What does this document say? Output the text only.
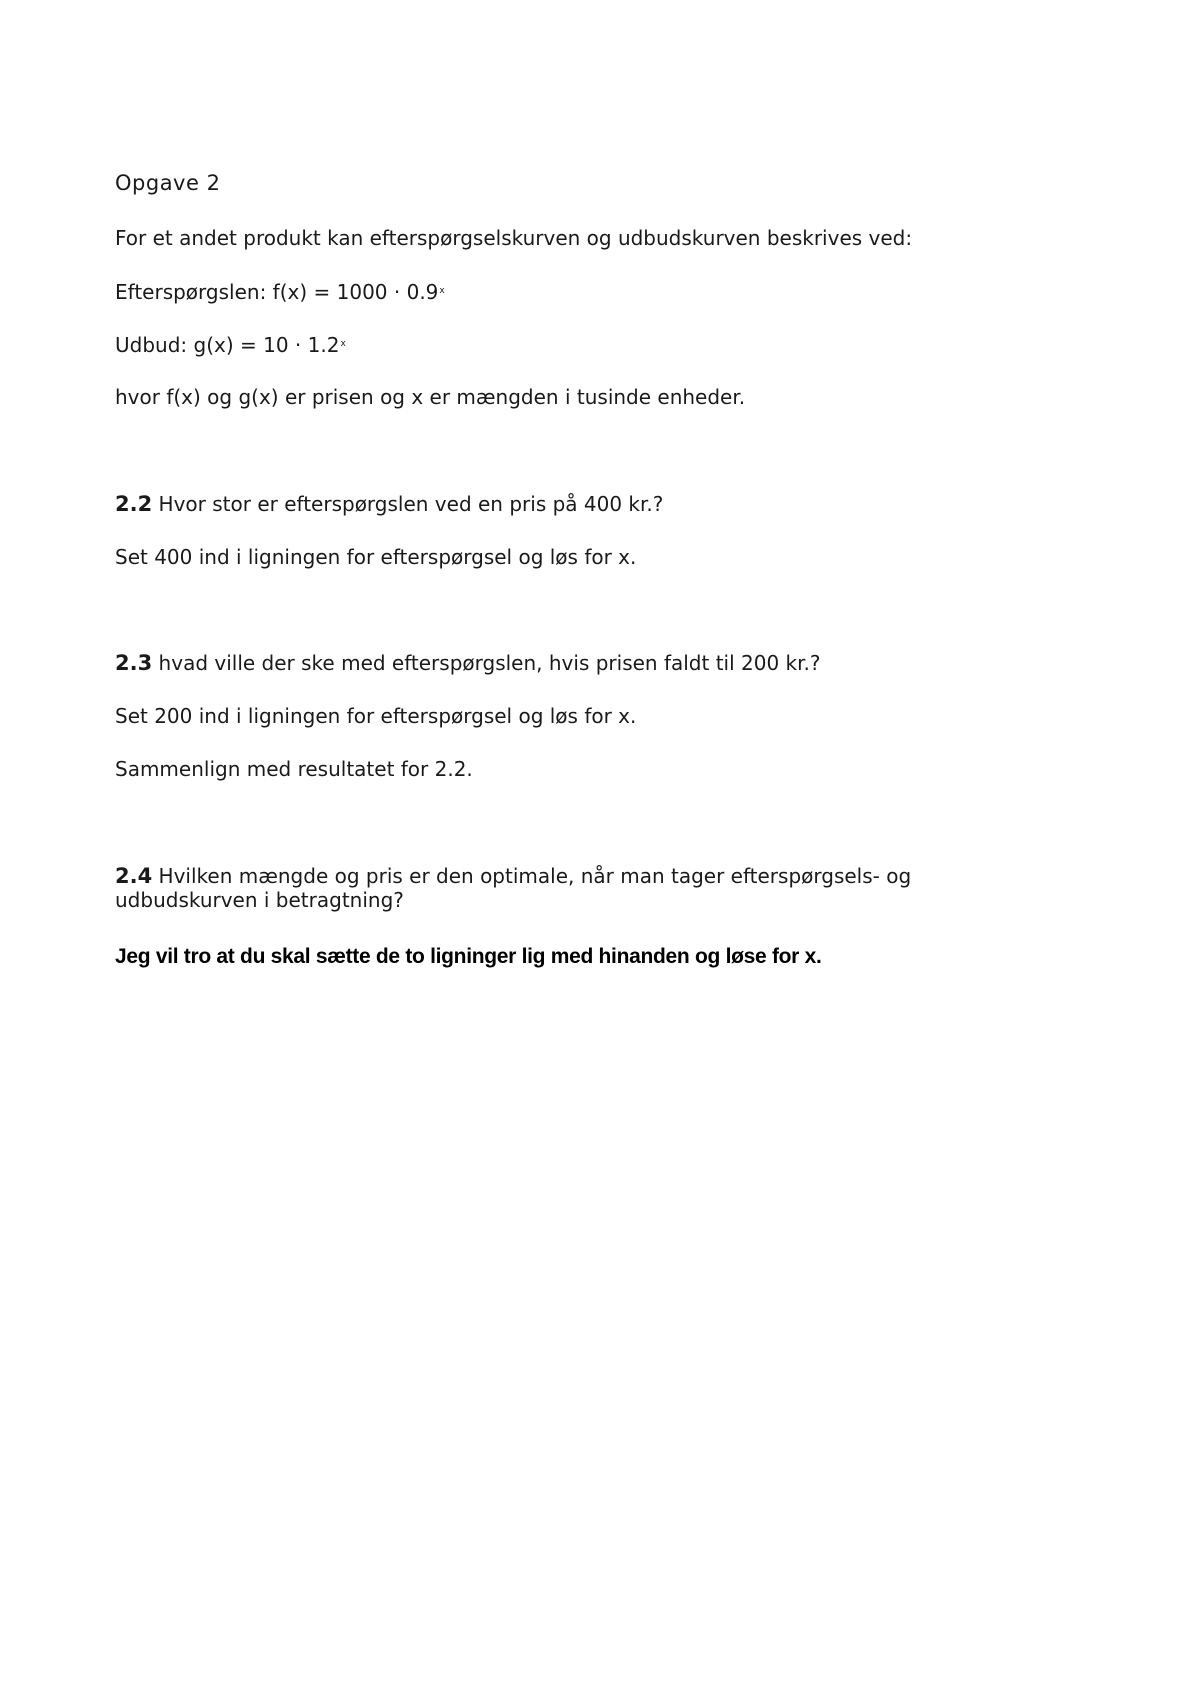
Opgave 2
For et andet produkt kan efterspørgselskurven og udbudskurven beskrives ved:
Efterspørgslen: $f(x) = 1000 \cdot 0.9^x$
Udbud: $g(x) = 10 \cdot 1.2^x$
hvor f(x) og g(x) er prisen og x er mængden i tusinde enheder.
2.2 Hvor stor er efterspørgslen ved en pris på 400 kr.?
Set 400 ind i ligningen for efterspørgsel og løs for x.
2.3 hvad ville der ske med efterspørgslen, hvis prisen faldt til 200 kr.?
Set 200 ind i ligningen for efterspørgsel og løs for x.
Sammenlign med resultatet for 2.2.
2.4 Hvilken mængde og pris er den optimale, når man tager efterspørgsels- og
udbudskurven i betragtning?
Jeg vil tro at du skal sætte de to ligninger lig med hinanden og løse for x.
